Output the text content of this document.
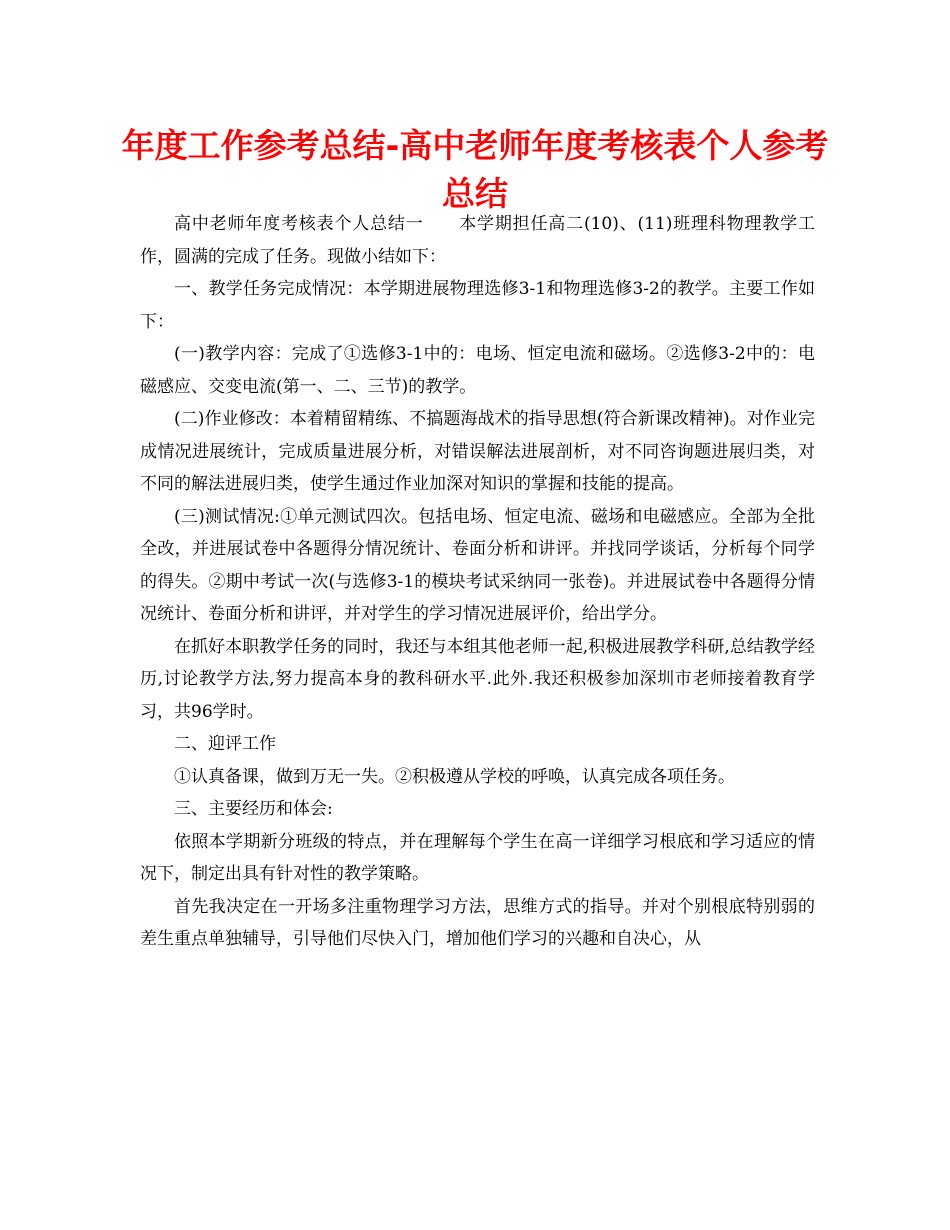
年度工作参考总结-高中老师年度考核表个人参考总结

高中老师年度考核表个人总结一　　本学期担任高二(10)、(11)班理科物理教学工作，圆满的完成了任务。现做小结如下：

一、教学任务完成情况：本学期进展物理选修3-1和物理选修3-2的教学。主要工作如下：

(一)教学内容：完成了①选修3-1中的：电场、恒定电流和磁场。②选修3-2中的：电磁感应、交变电流(第一、二、三节)的教学。

(二)作业修改：本着精留精练、不搞题海战术的指导思想(符合新课改精神)。对作业完成情况进展统计，完成质量进展分析，对错误解法进展剖析，对不同咨询题进展归类，对不同的解法进展归类，使学生通过作业加深对知识的掌握和技能的提高。

(三)测试情况:①单元测试四次。包括电场、恒定电流、磁场和电磁感应。全部为全批全改，并进展试卷中各题得分情况统计、卷面分析和讲评。并找同学谈话，分析每个同学的得失。②期中考试一次(与选修3-1的模块考试采纳同一张卷)。并进展试卷中各题得分情况统计、卷面分析和讲评，并对学生的学习情况进展评价，给出学分。

在抓好本职教学任务的同时，我还与本组其他老师一起,积极进展教学科研,总结教学经历,讨论教学方法,努力提高本身的教科研水平.此外.我还积极参加深圳市老师接着教育学习，共96学时。

二、迎评工作

①认真备课，做到万无一失。②积极遵从学校的呼唤，认真完成各项任务。

三、主要经历和体会:

依照本学期新分班级的特点，并在理解每个学生在高一详细学习根底和学习适应的情况下，制定出具有针对性的教学策略。

首先我决定在一开场多注重物理学习方法，思维方式的指导。并对个别根底特别弱的差生重点单独辅导，引导他们尽快入门，增加他们学习的兴趣和自决心，从
